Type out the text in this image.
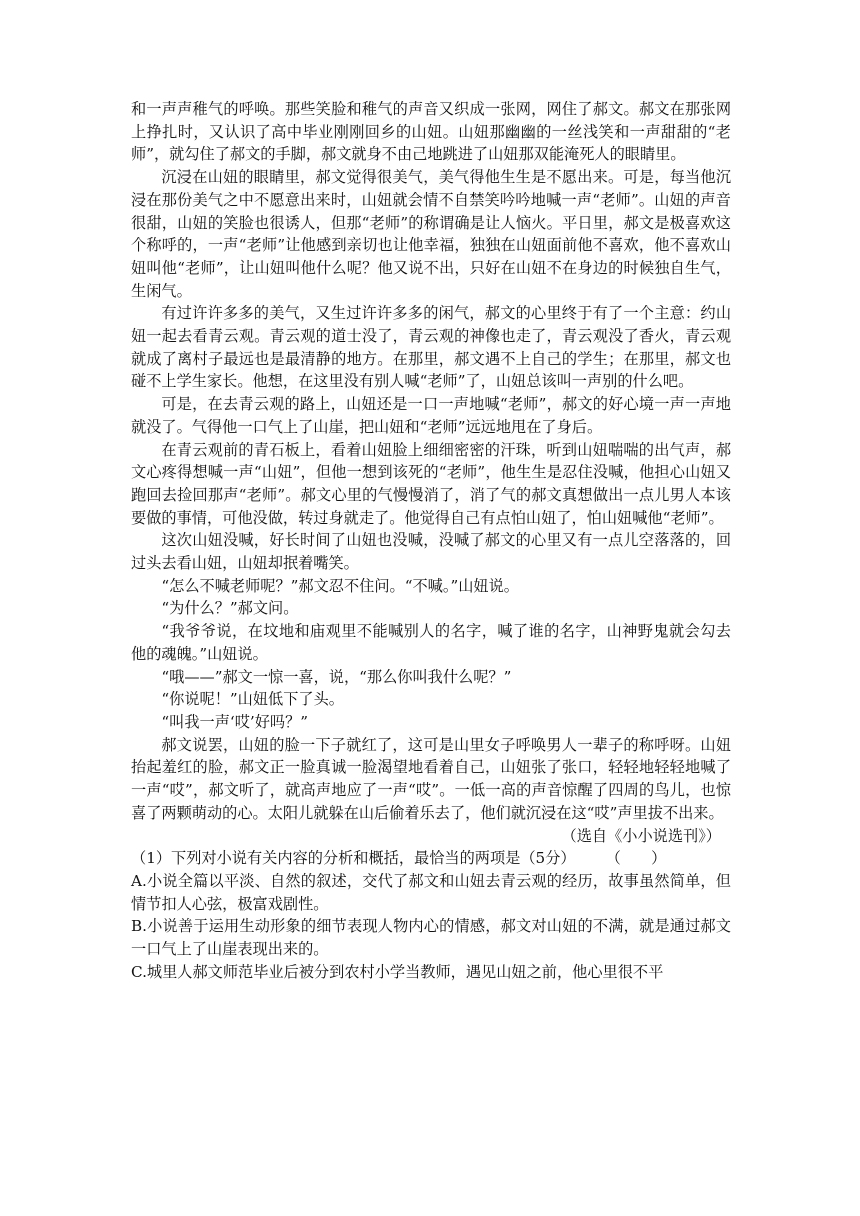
和一声声稚气的呼唤。那些笑脸和稚气的声音又织成一张网，网住了郝文。郝文在那张网上挣扎时，又认识了高中毕业刚刚回乡的山妞。山妞那幽幽的一丝浅笑和一声甜甜的“老师”，就勾住了郝文的手脚，郝文就身不由己地跳进了山妞那双能淹死人的眼睛里。

沉浸在山妞的眼睛里，郝文觉得很美气，美气得他生生是不愿出来。可是，每当他沉浸在那份美气之中不愿意出来时，山妞就会情不自禁笑吟吟地喊一声“老师”。山妞的声音很甜，山妞的笑脸也很诱人，但那“老师”的称谓确是让人恼火。平日里，郝文是极喜欢这个称呼的，一声“老师”让他感到亲切也让他幸福，独独在山妞面前他不喜欢，他不喜欢山妞叫他“老师”，让山妞叫他什么呢？他又说不出，只好在山妞不在身边的时候独自生气，生闲气。

有过许许多多的美气，又生过许许多多的闲气，郝文的心里终于有了一个主意：约山妞一起去看青云观。青云观的道士没了，青云观的神像也走了，青云观没了香火，青云观就成了离村子最远也是最清静的地方。在那里，郝文遇不上自己的学生；在那里，郝文也碰不上学生家长。他想，在这里没有别人喊“老师”了，山妞总该叫一声别的什么吧。

可是，在去青云观的路上，山妞还是一口一声地喊“老师”，郝文的好心境一声一声地就没了。气得他一口气上了山崖，把山妞和“老师”远远地甩在了身后。

在青云观前的青石板上，看着山妞脸上细细密密的汗珠，听到山妞喘喘的出气声，郝文心疼得想喊一声“山妞”，但他一想到该死的“老师”，他生生是忍住没喊，他担心山妞又跑回去捡回那声“老师”。郝文心里的气慢慢消了，消了气的郝文真想做出一点儿男人本该要做的事情，可他没做，转过身就走了。他觉得自己有点怕山妞了，怕山妞喊他“老师”。

这次山妞没喊，好长时间了山妞也没喊，没喊了郝文的心里又有一点儿空落落的，回过头去看山妞，山妞却抿着嘴笑。

“怎么不喊老师呢？”郝文忍不住问。“不喊。”山妞说。

“为什么？”郝文问。

“我爷爷说，在坟地和庙观里不能喊别人的名字，喊了谁的名字，山神野鬼就会勾去他的魂魄。”山妞说。

“哦——”郝文一惊一喜，说，“那么你叫我什么呢？”

“你说呢！”山妞低下了头。

“叫我一声‘哎’好吗？”

郝文说罢，山妞的脸一下子就红了，这可是山里女子呼唤男人一辈子的称呼呀。山妞抬起羞红的脸，郝文正一脸真诚一脸渴望地看着自己，山妞张了张口，轻轻地轻轻地喊了一声“哎”，郝文听了，就高声地应了一声“哎”。一低一高的声音惊醒了四周的鸟儿，也惊喜了两颗萌动的心。太阳儿就躲在山后偷着乐去了，他们就沉浸在这“哎”声里拔不出来。

（选自《小小说选刊》）

（1）下列对小说有关内容的分析和概括，最恰当的两项是（5分） （　　）

A.小说全篇以平淡、自然的叙述，交代了郝文和山妞去青云观的经历，故事虽然简单，但情节扣人心弦，极富戏剧性。

B.小说善于运用生动形象的细节表现人物内心的情感，郝文对山妞的不满，就是通过郝文一口气上了山崖表现出来的。

C.城里人郝文师范毕业后被分到农村小学当教师，遇见山妞之前，他心里很不平
